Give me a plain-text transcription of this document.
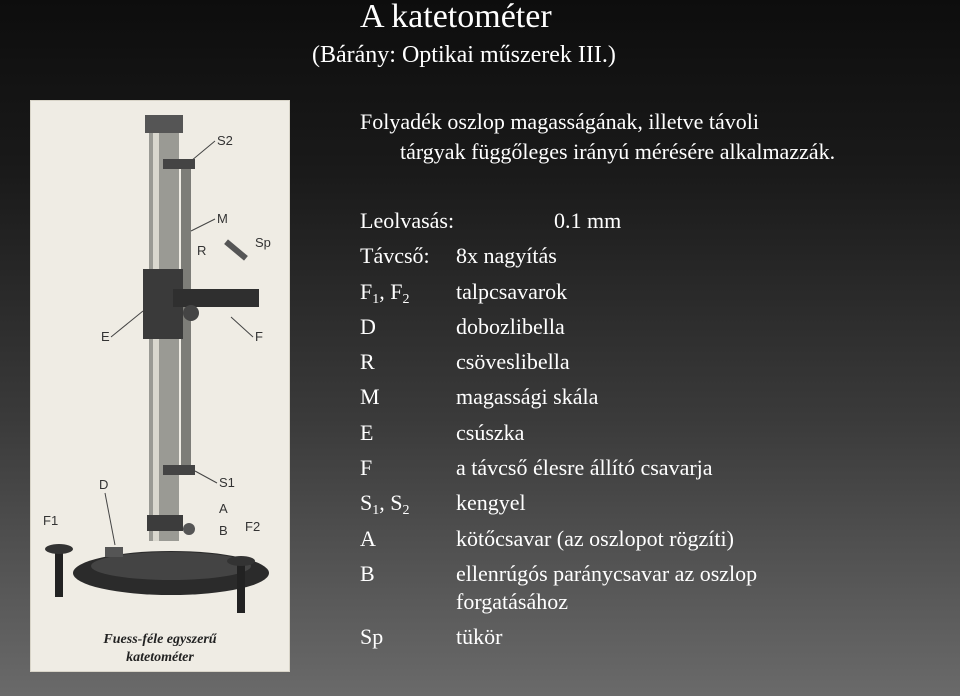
A katetométer
(Bárány: Optikai műszerek III.)
Folyadék oszlop magasságának, illetve távoli
tárgyak függőleges irányú mérésére alkalmazzák.
Leolvasás:	0.1 mm
Távcső: 8x nagyítás
$F_1$, $F_2$ talpcsavarok
D	dobozlibella
R	csöveslibella
M	magassági skála
E	csúszka
F	a távcső élesre állító csavarja
$S_1$, $S_2$ kengyel
A	kötőcsavar (az oszlopot rögzíti)
B	ellenrúgós paránycsavar az oszlop
forgatásához
Sp	tükör
S2
M
Sp
R
E	F
D	S1
A
B
F1	F2
Fuess-féle egyszerű
katetométer
